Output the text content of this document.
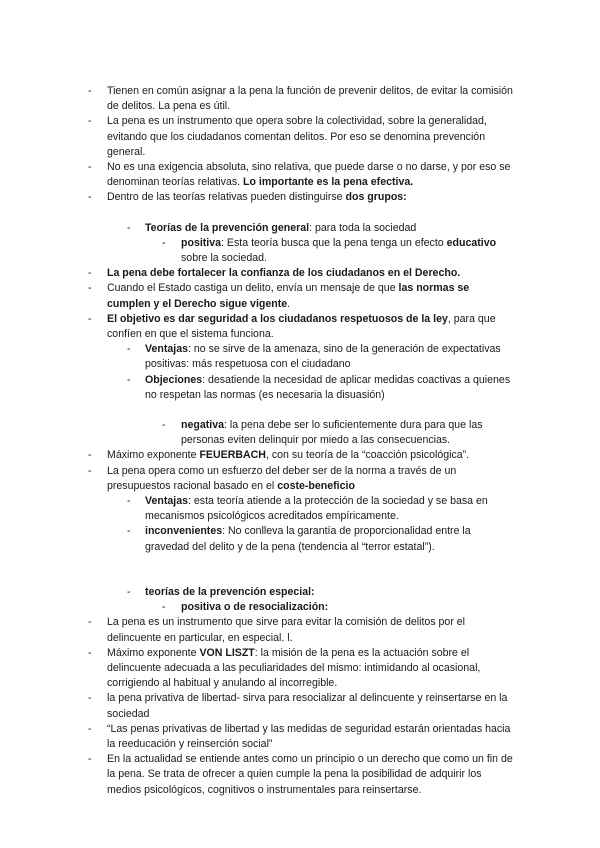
- Tienen en común asignar a la pena la función de prevenir delitos, de evitar la comisión de delitos. La pena es útil.
- La pena es un instrumento que opera sobre la colectividad, sobre la generalidad, evitando que los ciudadanos comentan delitos. Por eso se denomina prevención general.
- No es una exigencia absoluta, sino relativa, que puede darse o no darse, y por eso se denominan teorías relativas. Lo importante es la pena efectiva.
- Dentro de las teorías relativas pueden distinguirse dos grupos:
- Teorías de la prevención general: para toda la sociedad
- positiva: Esta teoría busca que la pena tenga un efecto educativo sobre la sociedad.
- La pena debe fortalecer la confianza de los ciudadanos en el Derecho.
- Cuando el Estado castiga un delito, envía un mensaje de que las normas se cumplen y el Derecho sigue vigente.
- El objetivo es dar seguridad a los ciudadanos respetuosos de la ley, para que confíen en que el sistema funciona.
- Ventajas: no se sirve de la amenaza, sino de la generación de expectativas positivas: más respetuosa con el ciudadano
- Objeciones: desatiende la necesidad de aplicar medidas coactivas a quienes no respetan las normas (es necesaria la disuasión)
- negativa: la pena debe ser lo suficientemente dura para que las personas eviten delinquir por miedo a las consecuencias.
- Máximo exponente FEUERBACH, con su teoría de la “coacción psicológica”.
- La pena opera como un esfuerzo del deber ser de la norma a través de un presupuestos racional basado en el coste-beneficio
- Ventajas: esta teoría atiende a la protección de la sociedad y se basa en mecanismos psicológicos acreditados empíricamente.
- inconvenientes: No conlleva la garantía de proporcionalidad entre la gravedad del delito y de la pena (tendencia al “terror estatal”).
- teorías de la prevención especial:
- positiva o de resocialización:
- La pena es un instrumento que sirve para evitar la comisión de delitos por el delincuente en particular, en especial. l.
- Máximo exponente VON LISZT: la misión de la pena es la actuación sobre el delincuente adecuada a las peculiaridades del mismo: intimidando al ocasional, corrigiendo al habitual y anulando al incorregible.
- la pena privativa de libertad- sirva para resocializar al delincuente y reinsertarse en la sociedad
- “Las penas privativas de libertad y las medidas de seguridad estarán orientadas hacia la reeducación y reinserción social”
- En la actualidad se entiende antes como un principio o un derecho que como un fin de la pena. Se trata de ofrecer a quien cumple la pena la posibilidad de adquirir los medios psicológicos, cognitivos o instrumentales para reinsertarse.
